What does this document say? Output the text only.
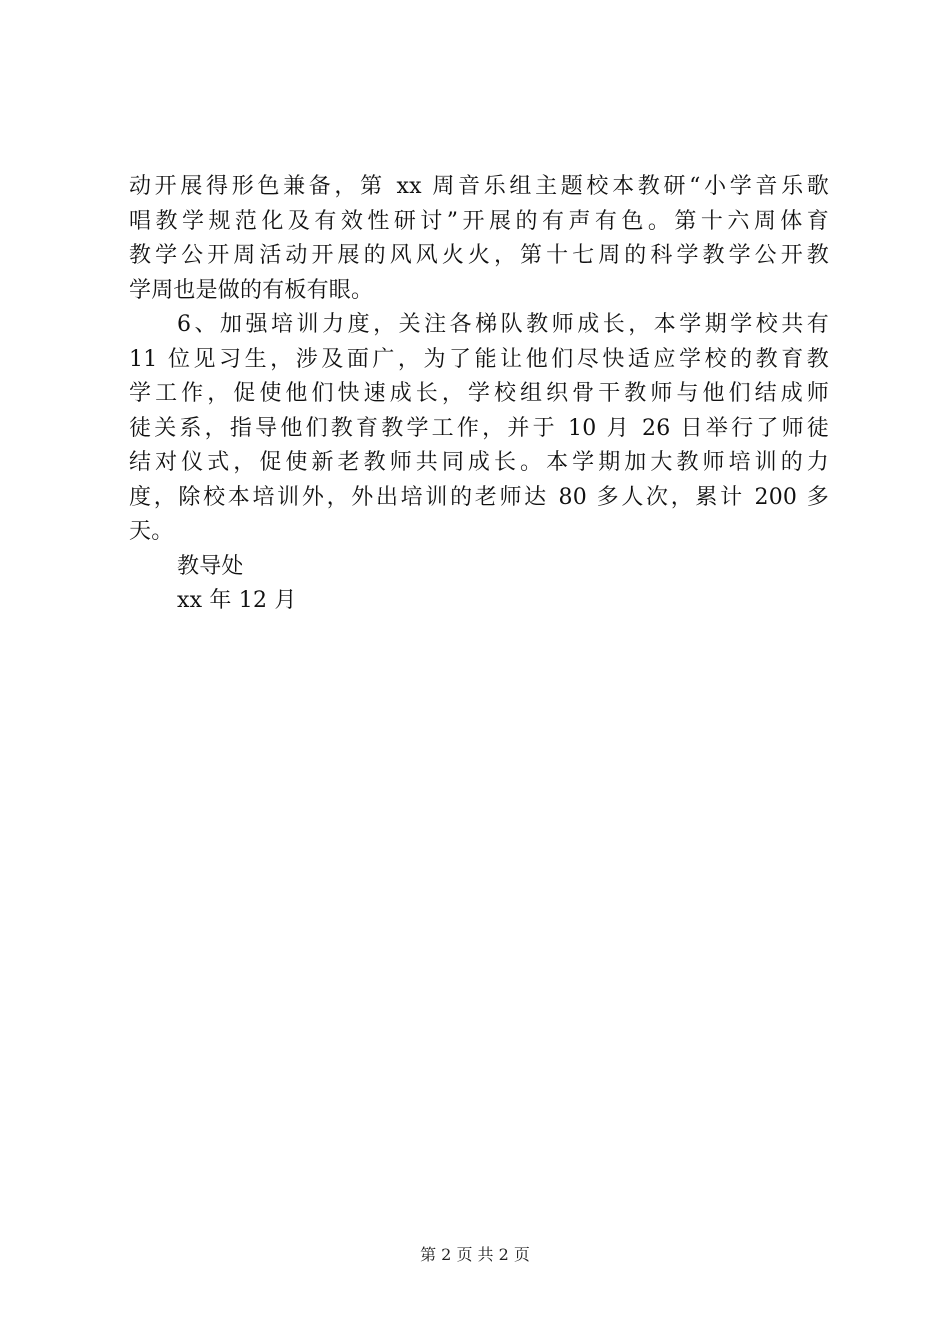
动开展得形色兼备，第 xx 周音乐组主题校本教研“小学音乐歌
唱教学规范化及有效性研讨”开展的有声有色。第十六周体育
教学公开周活动开展的风风火火，第十七周的科学教学公开教
学周也是做的有板有眼。
6、加强培训力度，关注各梯队教师成长，本学期学校共有
11 位见习生，涉及面广，为了能让他们尽快适应学校的教育教
学工作，促使他们快速成长，学校组织骨干教师与他们结成师
徒关系，指导他们教育教学工作，并于 10 月 26 日举行了师徒
结对仪式，促使新老教师共同成长。本学期加大教师培训的力
度，除校本培训外，外出培训的老师达 80 多人次，累计 200 多
天。
教导处
xx 年 12 月
第 2 页 共 2 页
